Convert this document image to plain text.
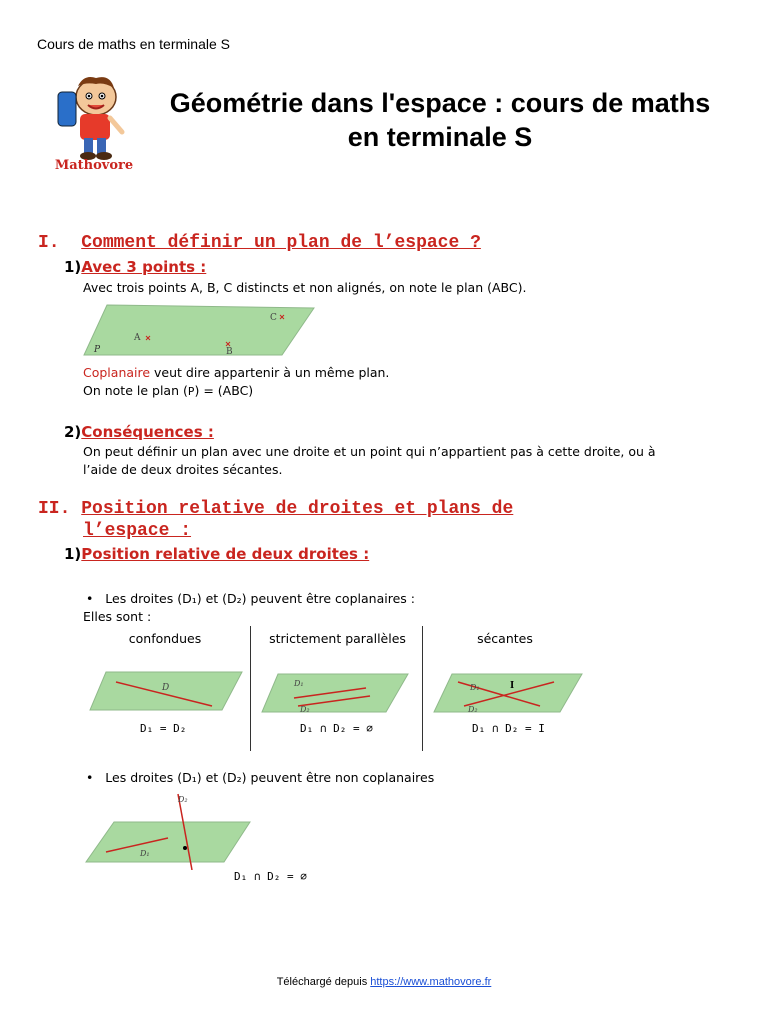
Cours de maths en terminale S
Mathovore
Géométrie dans l'espace : cours de maths en terminale S
I. Comment définir un plan de l’espace ?
1)Avec 3 points :
Avec trois points A, B, C distincts et non alignés, on note le plan (ABC).
A
B
C
P
Coplanaire veut dire appartenir à un même plan.
On note le plan (P) = (ABC)
2)Conséquences :
On peut définir un plan avec une droite et un point qui n’appartient pas à cette droite, ou à l’aide de deux droites sécantes.
II. Position relative de droites et plans de
l’espace :
1)Position relative de deux droites :
• Les droites (D₁) et (D₂) peuvent être coplanaires :
Elles sont :
confondues	strictement parallèles	sécantes
D	D₁
D₂
I
D₁
D₂
D₁ = D₂	D₁ ∩ D₂ = ∅	D₁ ∩ D₂ = I
• Les droites (D₁) et (D₂) peuvent être non coplanaires
D₂
D₁
D₁ ∩ D₂ = ∅
Téléchargé depuis https://www.mathovore.fr
